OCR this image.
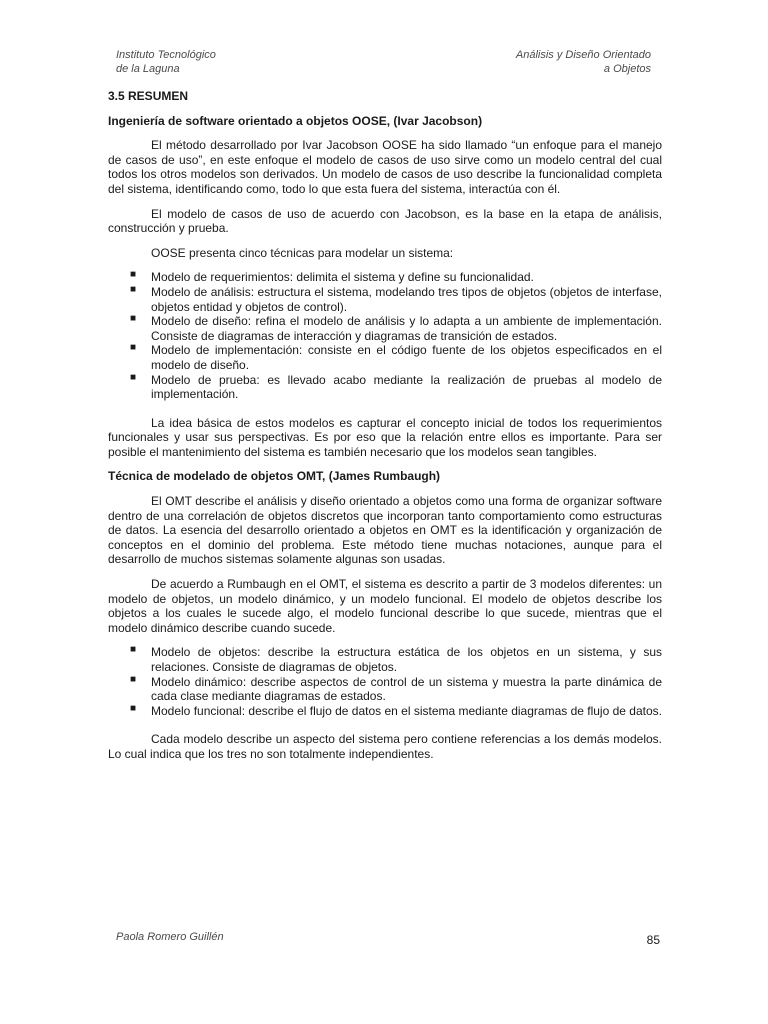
Instituto Tecnológico
de la Laguna
Análisis y Diseño Orientado
a Objetos

3.5 RESUMEN

Ingeniería de software orientado a objetos OOSE, (Ivar Jacobson)

El método desarrollado por Ivar Jacobson OOSE ha sido llamado “un enfoque para el manejo de casos de uso”, en este enfoque el modelo de casos de uso sirve como un modelo central del cual todos los otros modelos son derivados. Un modelo de casos de uso describe la funcionalidad completa del sistema, identificando como, todo lo que esta fuera del sistema, interactúa con él.

El modelo de casos de uso de acuerdo con Jacobson, es la base en la etapa de análisis, construcción y prueba.

OOSE presenta cinco técnicas para modelar un sistema:

■ Modelo de requerimientos: delimita el sistema y define su funcionalidad.
■ Modelo de análisis: estructura el sistema, modelando tres tipos de objetos (objetos de interfase, objetos entidad y objetos de control).
■ Modelo de diseño: refina el modelo de análisis y lo adapta a un ambiente de implementación. Consiste de diagramas de interacción y diagramas de transición de estados.
■ Modelo de implementación: consiste en el código fuente de los objetos especificados en el modelo de diseño.
■ Modelo de prueba: es llevado acabo mediante la realización de pruebas al modelo de implementación.

La idea básica de estos modelos es capturar el concepto inicial de todos los requerimientos funcionales y usar sus perspectivas. Es por eso que la relación entre ellos es importante. Para ser posible el mantenimiento del sistema es también necesario que los modelos sean tangibles.

Técnica de modelado de objetos OMT, (James Rumbaugh)

El OMT describe el análisis y diseño orientado a objetos como una forma de organizar software dentro de una correlación de objetos discretos que incorporan tanto comportamiento como estructuras de datos. La esencia del desarrollo orientado a objetos en OMT es la identificación y organización de conceptos en el dominio del problema. Este método tiene muchas notaciones, aunque para el desarrollo de muchos sistemas solamente algunas son usadas.

De acuerdo a Rumbaugh en el OMT, el sistema es descrito a partir de 3 modelos diferentes: un modelo de objetos, un modelo dinámico, y un modelo funcional. El modelo de objetos describe los objetos a los cuales le sucede algo, el modelo funcional describe lo que sucede, mientras que el modelo dinámico describe cuando sucede.

■ Modelo de objetos: describe la estructura estática de los objetos en un sistema, y sus relaciones. Consiste de diagramas de objetos.
■ Modelo dinámico: describe aspectos de control de un sistema y muestra la parte dinámica de cada clase mediante diagramas de estados.
■ Modelo funcional: describe el flujo de datos en el sistema mediante diagramas de flujo de datos.

Cada modelo describe un aspecto del sistema pero contiene referencias a los demás modelos. Lo cual indica que los tres no son totalmente independientes.

Paola Romero Guillén	85
